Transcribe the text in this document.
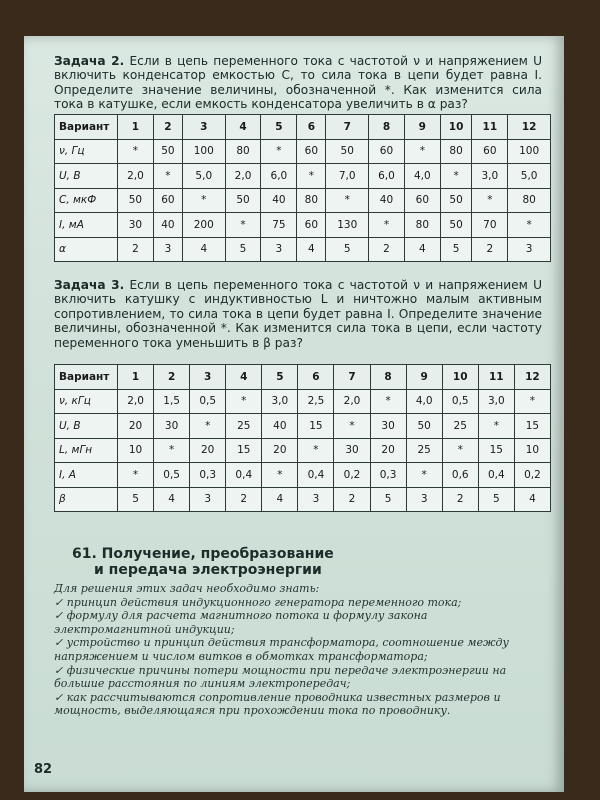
Задача 2. Если в цепь переменного тока с частотой ν и напряжением U включить конденсатор емкостью C, то сила тока в цепи будет равна I. Определите значение величины, обозначенной *. Как изменится сила тока в катушке, если емкость конденсатора увеличить в α раз?
Вариант	1	2	3	4	5	6	7	8	9	10	11	12
ν, Гц	*	50	100	80	*	60	50	60	*	80	60	100
U, В	2,0	*	5,0	2,0	6,0	*	7,0	6,0	4,0	*	3,0	5,0
C, мкФ	50	60	*	50	40	80	*	40	60	50	*	80
I, мА	30	40	200	*	75	60	130	*	80	50	70	*
α	2	3	4	5	3	4	5	2	4	5	2	3
Задача 3. Если в цепь переменного тока с частотой ν и напряжением U включить катушку с индуктивностью L и ничтожно малым активным сопротивлением, то сила тока в цепи будет равна I. Определите значение величины, обозначенной *. Как изменится сила тока в цепи, если частоту переменного тока уменьшить в β раз?
Вариант	1	2	3	4	5	6	7	8	9	10	11	12
ν, кГц	2,0	1,5	0,5	*	3,0	2,5	2,0	*	4,0	0,5	3,0	*
U, В	20	30	*	25	40	15	*	30	50	25	*	15
L, мГн	10	*	20	15	20	*	30	20	25	*	15	10
I, А	*	0,5	0,3	0,4	*	0,4	0,2	0,3	*	0,6	0,4	0,2
β	5	4	3	2	4	3	2	5	3	2	5	4
61. Получение, преобразование
и передача электроэнергии

Для решения этих задач необходимо знать:

✓ принцип действия индукционного генератора переменного тока;

✓ формулу для расчета магнитного потока и формулу закона электромагнитной индукции;

✓ устройство и принцип действия трансформатора, соотношение между напряжением и числом витков в обмотках трансформатора;

✓ физические причины потери мощности при передаче электроэнергии на большие расстояния по линиям электропередач;

✓ как рассчитываются сопротивление проводника известных размеров и мощность, выделяющаяся при прохождении тока по проводнику.

82
